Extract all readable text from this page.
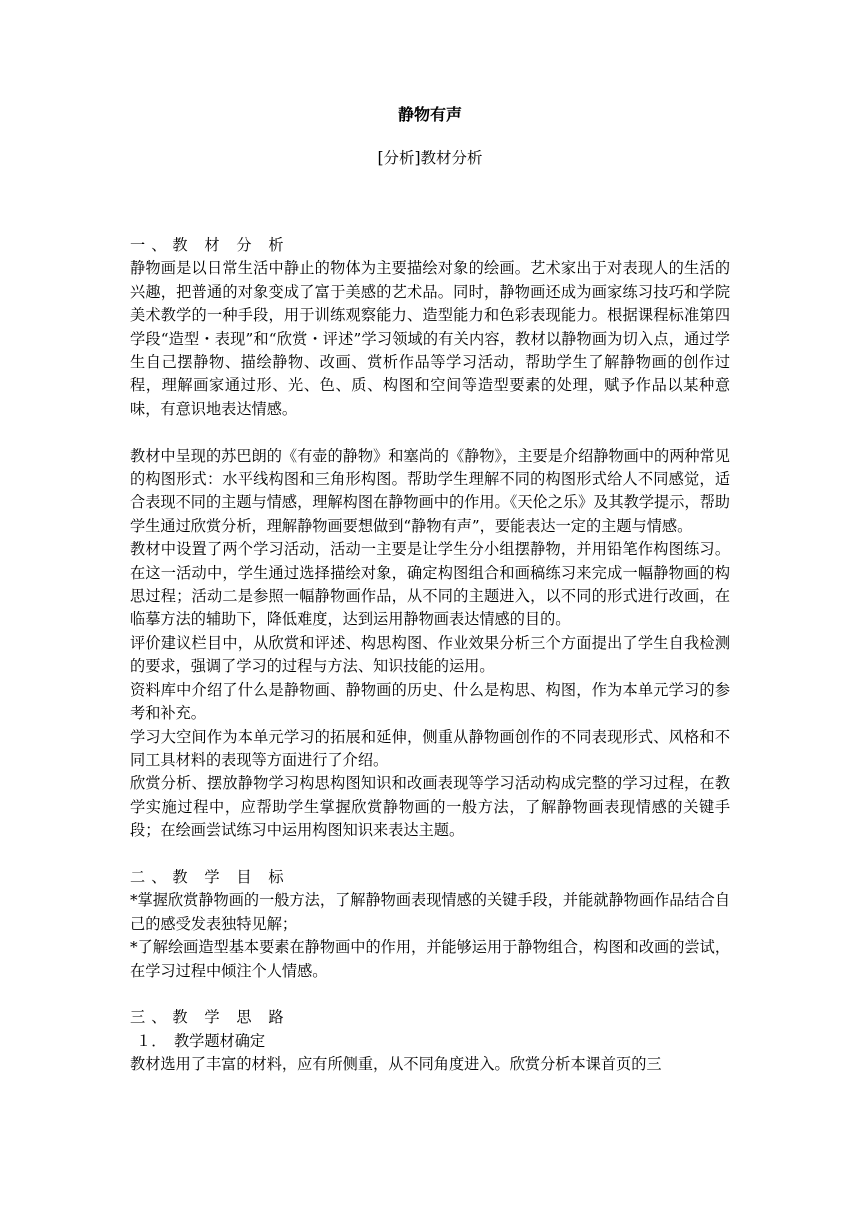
静物有声
[分析]教材分析

一、教 材 分 析

静物画是以日常生活中静止的物体为主要描绘对象的绘画。艺术家出于对表现人的生活的兴趣，把普通的对象变成了富于美感的艺术品。同时，静物画还成为画家练习技巧和学院美术教学的一种手段，用于训练观察能力、造型能力和色彩表现能力。根据课程标准第四学段“造型・表现”和“欣赏・评述”学习领域的有关内容，教材以静物画为切入点，通过学生自己摆静物、描绘静物、改画、赏析作品等学习活动，帮助学生了解静物画的创作过程，理解画家通过形、光、色、质、构图和空间等造型要素的处理，赋予作品以某种意味，有意识地表达情感。

教材中呈现的苏巴朗的《有壶的静物》和塞尚的《静物》，主要是介绍静物画中的两种常见的构图形式：水平线构图和三角形构图。帮助学生理解不同的构图形式给人不同感觉，适合表现不同的主题与情感，理解构图在静物画中的作用。《天伦之乐》及其教学提示，帮助学生通过欣赏分析，理解静物画要想做到“静物有声”，要能表达一定的主题与情感。

教材中设置了两个学习活动，活动一主要是让学生分小组摆静物，并用铅笔作构图练习。在这一活动中，学生通过选择描绘对象，确定构图组合和画稿练习来完成一幅静物画的构思过程；活动二是参照一幅静物画作品，从不同的主题进入，以不同的形式进行改画，在临摹方法的辅助下，降低难度，达到运用静物画表达情感的目的。

评价建议栏目中，从欣赏和评述、构思构图、作业效果分析三个方面提出了学生自我检测的要求，强调了学习的过程与方法、知识技能的运用。

资料库中介绍了什么是静物画、静物画的历史、什么是构思、构图，作为本单元学习的参考和补充。

学习大空间作为本单元学习的拓展和延伸，侧重从静物画创作的不同表现形式、风格和不同工具材料的表现等方面进行了介绍。

欣赏分析、摆放静物学习构思构图知识和改画表现等学习活动构成完整的学习过程，在教学实施过程中，应帮助学生掌握欣赏静物画的一般方法，了解静物画表现情感的关键手段；在绘画尝试练习中运用构图知识来表达主题。

二、教 学 目 标

*掌握欣赏静物画的一般方法，了解静物画表现情感的关键手段，并能就静物画作品结合自己的感受发表独特见解；

*了解绘画造型基本要素在静物画中的作用，并能够运用于静物组合，构图和改画的尝试，在学习过程中倾注个人情感。

三、教 学 思 路

１．　教学题材确定

教材选用了丰富的材料，应有所侧重，从不同角度进入。欣赏分析本课首页的三
